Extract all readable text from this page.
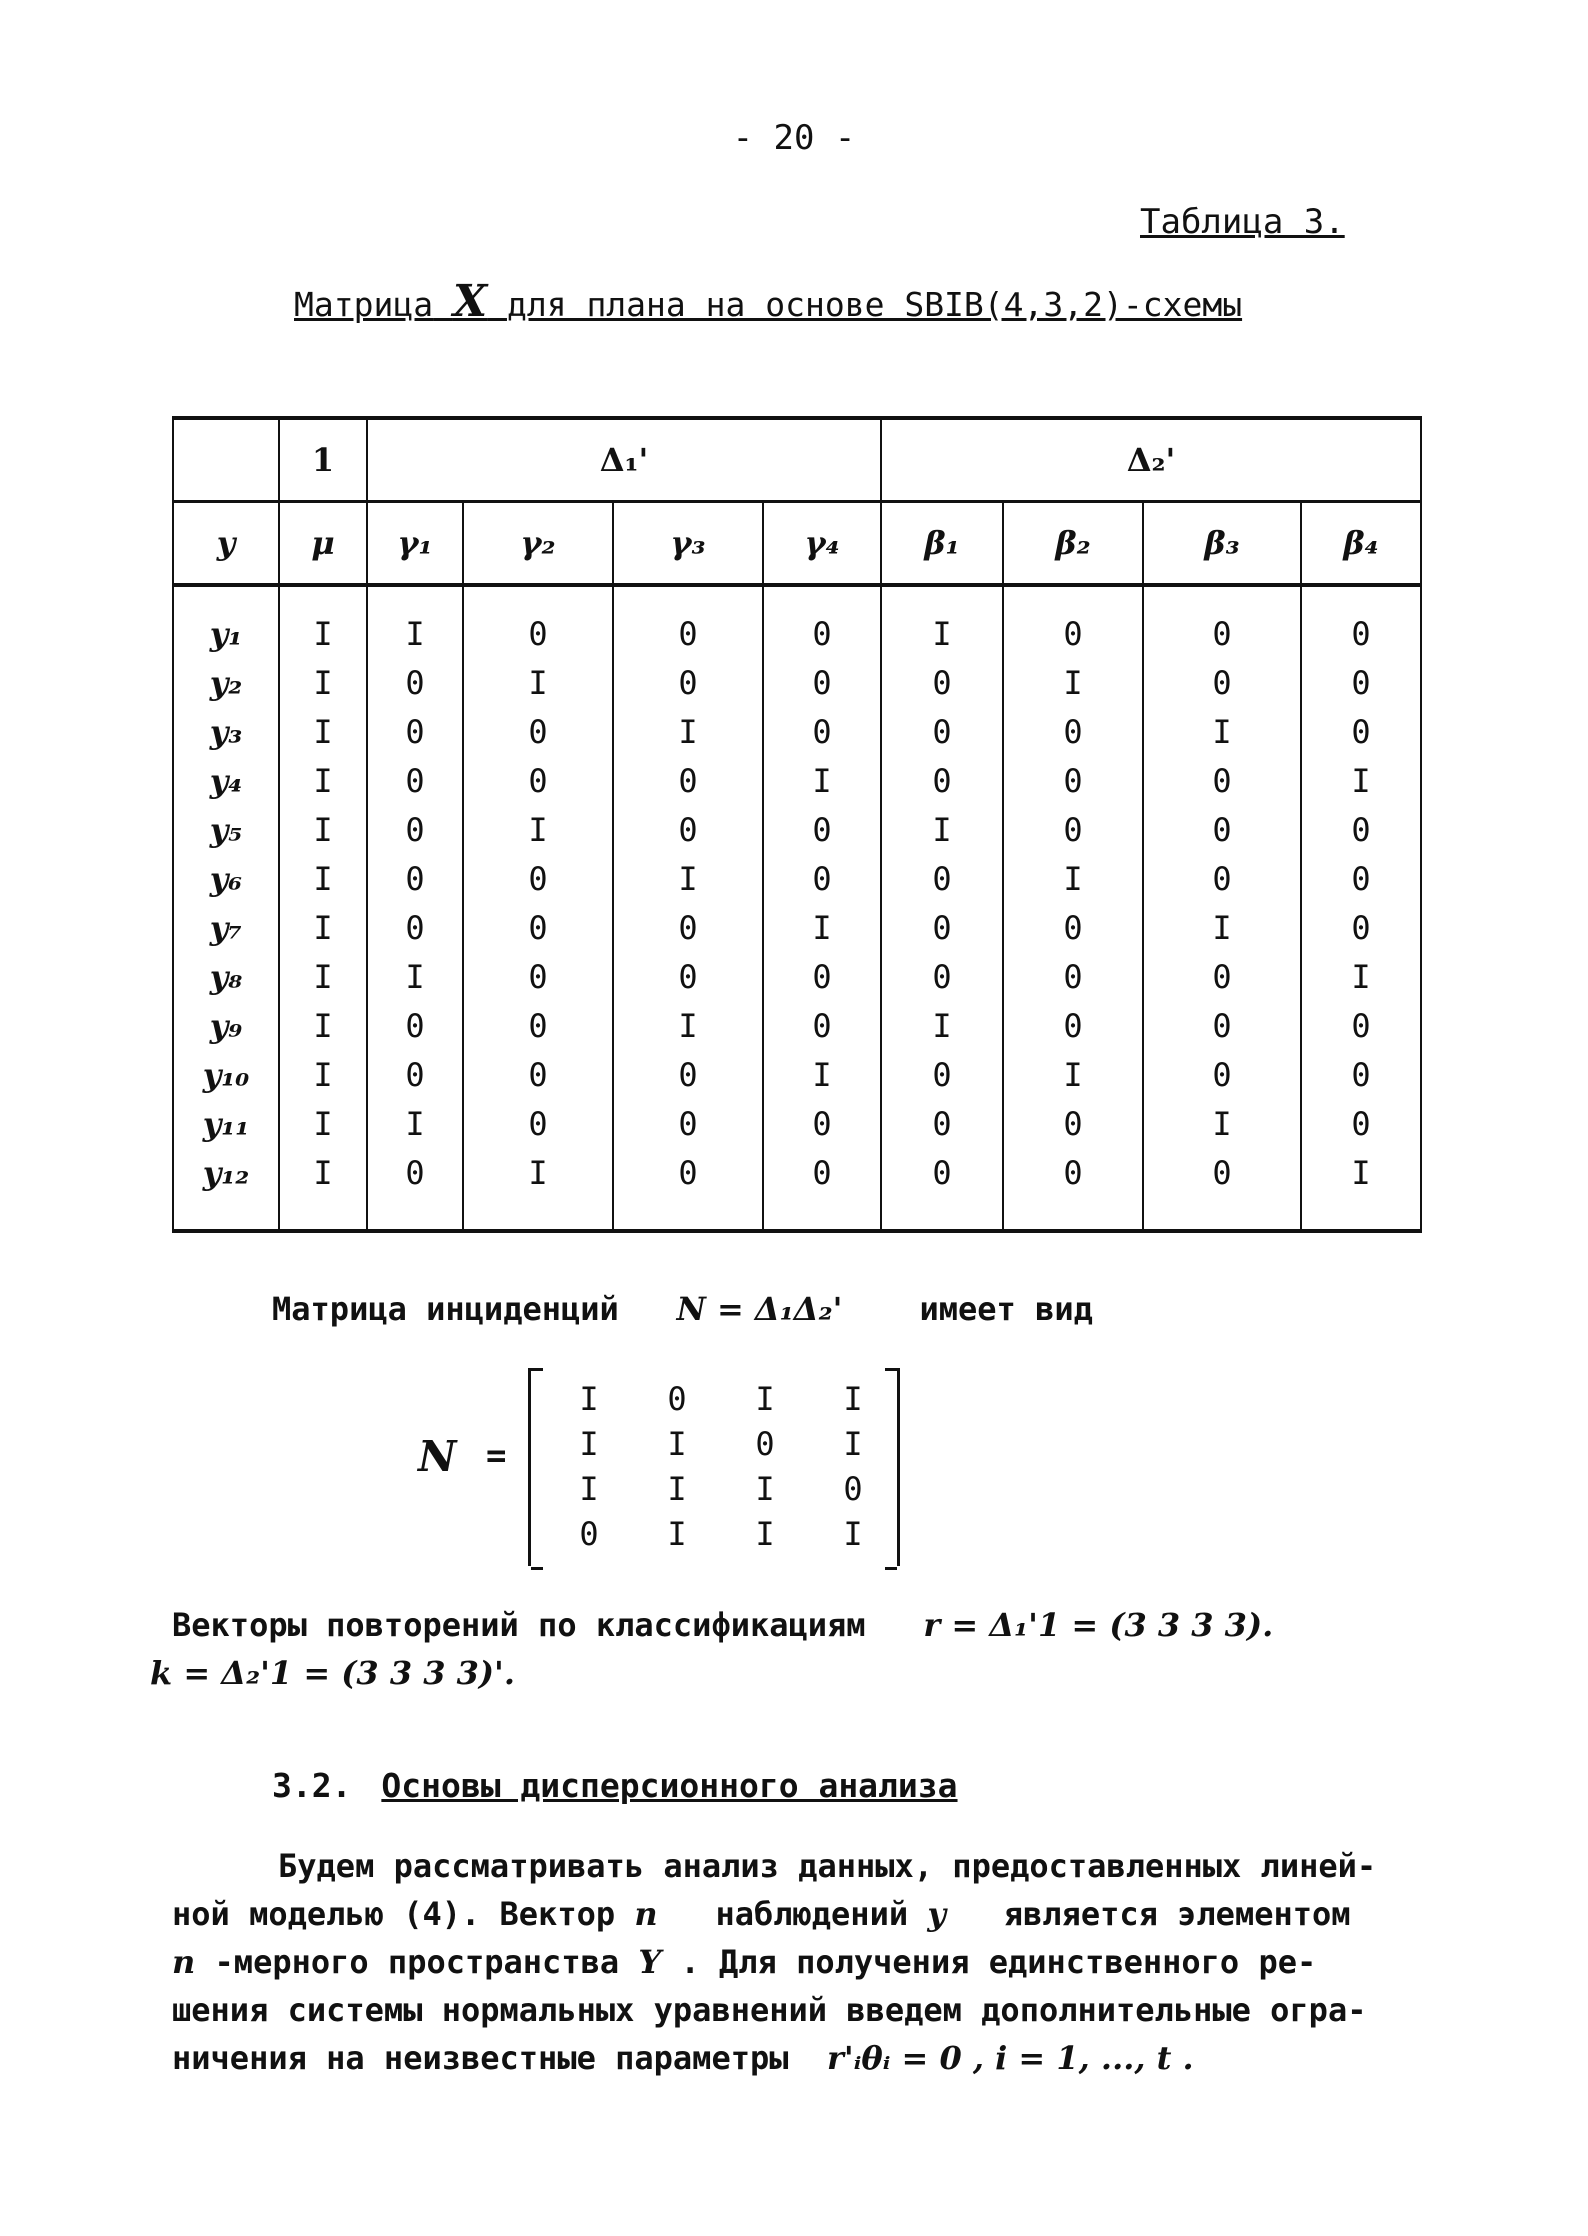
- 20 -
Таблица 3.
Матрица X для плана на основе SBIB(4,3,2)-схемы
	1	Δ₁'				Δ₂'			
y	μ	γ₁	γ₂	γ₃	γ₄	β₁	β₂	β₃	β₄
y₁	I	I	0	0	0	I	0	0	0
y₂	I	0	I	0	0	0	I	0	0
y₃	I	0	0	I	0	0	0	I	0
y₄	I	0	0	0	I	0	0	0	I
y₅	I	0	I	0	0	I	0	0	0
y₆	I	0	0	I	0	0	I	0	0
y₇	I	0	0	0	I	0	0	I	0
y₈	I	I	0	0	0	0	0	0	I
y₉	I	0	0	I	0	I	0	0	0
y₁₀	I	0	0	0	I	0	I	0	0
y₁₁	I	I	0	0	0	0	0	I	0
y₁₂	I	0	I	0	0	0	0	0	I
Матрица инциденций N = Δ₁Δ₂' имеет вид
N =
I	0	I	I
I	I	0	I
I	I	I	0
0	I	I	I
Векторы повторений по классификациям r = Δ₁'1 = (3 3 3 3).
k = Δ₂'1 = (3 3 3 3)'.
3.2. Основы дисперсионного анализа
Будем рассматривать анализ данных, предоставленных линей-
ной моделью (4). Вектор n наблюдений y является элементом
n -мерного пространства Y . Для получения единственного ре-
шения системы нормальных уравнений введем дополнительные огра-
ничения на неизвестные параметры r'ᵢθᵢ = 0 , i = 1, ..., t .
